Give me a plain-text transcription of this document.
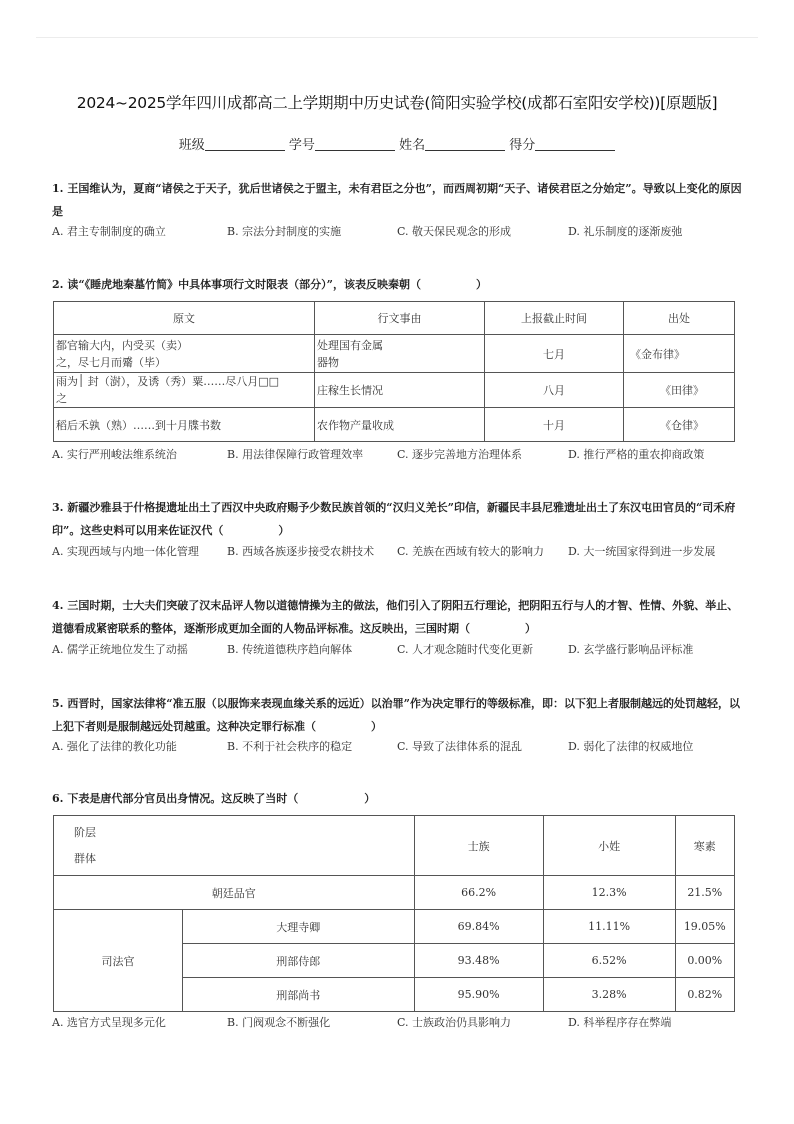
2024~2025学年四川成都高二上学期期中历史试卷(简阳实验学校(成都石室阳安学校))[原题版]
班级	学号	姓名	得分
1. 王国维认为，夏商“诸侯之于天子，犹后世诸侯之于盟主，未有君臣之分也”，而西周初期“天子、诸侯君臣之分始定”。导致以上变化的原因是
A. 君主专制制度的确立	B. 宗法分封制度的实施	C. 敬天保民观念的形成	D. 礼乐制度的逐渐废弛
2. 读“《睡虎地秦墓竹简》中具体事项行文时限表（部分）”，该表反映秦朝（　　　　　）
原文	行文事由	上报截止时间	出处
都官输大内，内受买（卖）
之，尽七月而觱（毕）	处理国有金属
器物	七月	《金布律》
雨为׀ 封（澍），及诱（秀）粟……尽八月□□
之	庄稼生长情况	八月	《田律》
稻后禾孰（熟）……到十月牒书数	农作物产量收成	十月	《仓律》
A. 实行严刑峻法维系统治	B. 用法律保障行政管理效率	C. 逐步完善地方治理体系	D. 推行严格的重农抑商政策
3. 新疆沙雅县于什格提遗址出土了西汉中央政府赐予少数民族首领的“汉归义羌长”印信，新疆民丰县尼雅遗址出土了东汉屯田官员的“司禾府印”。这些史料可以用来佐证汉代（　　　　　）
A. 实现西域与内地一体化管理	B. 西域各族逐步接受农耕技术 C. 羌族在西域有较大的影响力 D. 大一统国家得到进一步发展
4. 三国时期，士大夫们突破了汉末品评人物以道德情操为主的做法，他们引入了阴阳五行理论，把阴阳五行与人的才智、性情、外貌、举止、道德看成紧密联系的整体，逐渐形成更加全面的人物品评标准。这反映出，三国时期（　　　　　）
A. 儒学正统地位发生了动摇	B. 传统道德秩序趋向解体	C. 人才观念随时代变化更新	D. 玄学盛行影响品评标准
5. 西晋时，国家法律将“准五服（以服饰来表现血缘关系的远近）以治罪”作为决定罪行的等级标准，即：以下犯上者服制越远的处罚越轻，以上犯下者则是服制越远处罚越重。这种决定罪行标准（　　　　　）
A. 强化了法律的教化功能	B. 不利于社会秩序的稳定	C. 导致了法律体系的混乱	D. 弱化了法律的权威地位
6. 下表是唐代部分官员出身情况。这反映了当时（　　　　　　）
阶层
群体		士族	小姓	寒素
朝廷品官		66.2%	12.3%	21.5%
司法官	大理寺卿	69.84%	11.11%	19.05%
	刑部侍郎	93.48%	6.52%	0.00%
	刑部尚书	95.90%	3.28%	0.82%
A. 选官方式呈现多元化	B. 门阀观念不断强化	C. 士族政治仍具影响力	D. 科举程序存在弊端
